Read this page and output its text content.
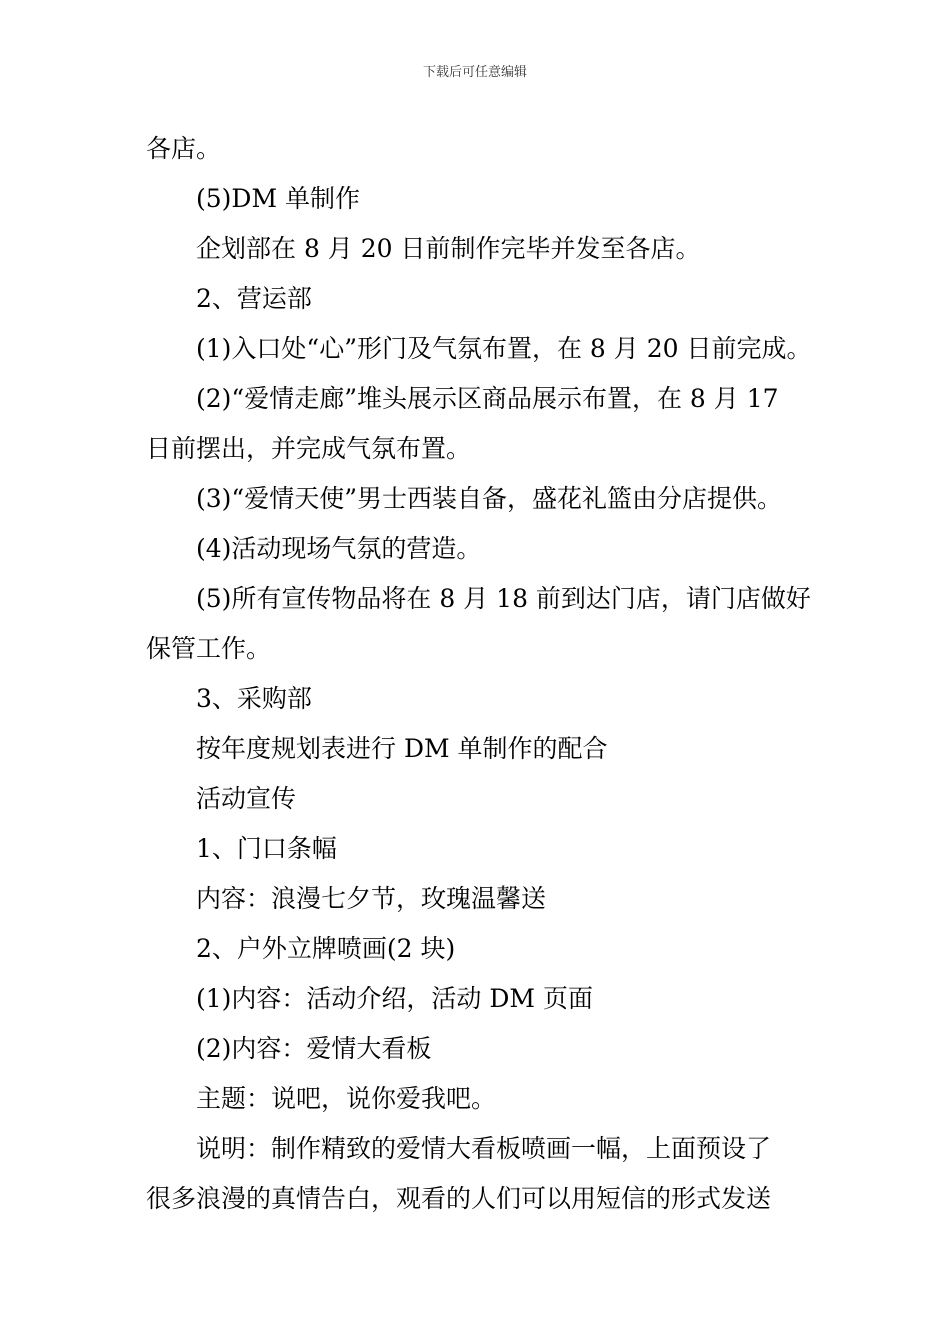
下载后可任意编辑

各店。

(5)DM 单制作

企划部在 8 月 20 日前制作完毕并发至各店。

2、营运部

(1)入口处“心”形门及气氛布置，在 8 月 20 日前完成。

(2)“爱情走廊”堆头展示区商品展示布置，在 8 月 17

日前摆出，并完成气氛布置。

(3)“爱情天使”男士西装自备，盛花礼篮由分店提供。

(4)活动现场气氛的营造。

(5)所有宣传物品将在 8 月 18 前到达门店，请门店做好

保管工作。

3、采购部

按年度规划表进行 DM 单制作的配合

活动宣传

1、门口条幅

内容：浪漫七夕节，玫瑰温馨送

2、户外立牌喷画(2 块)

(1)内容：活动介绍，活动 DM 页面

(2)内容：爱情大看板

主题：说吧，说你爱我吧。

说明：制作精致的爱情大看板喷画一幅，上面预设了

很多浪漫的真情告白，观看的人们可以用短信的形式发送
